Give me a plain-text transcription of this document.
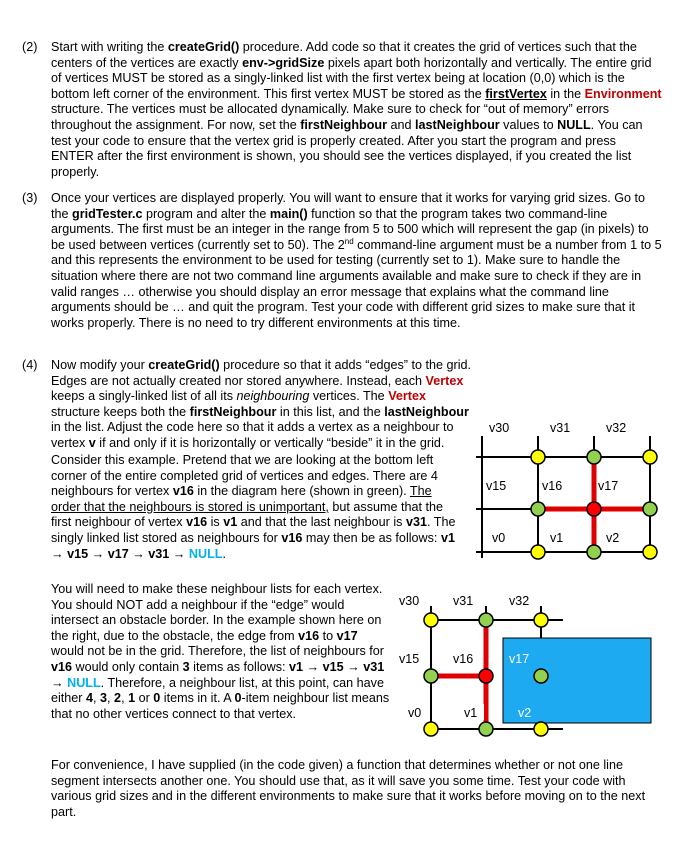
(2) Start with writing the createGrid() procedure. Add code so that it creates the grid of vertices such that the centers of the vertices are exactly env->gridSize pixels apart both horizontally and vertically. The entire grid of vertices MUST be stored as a singly-linked list with the first vertex being at location (0,0) which is the bottom left corner of the environment. This first vertex MUST be stored as the firstVertex in the Environment structure. The vertices must be allocated dynamically. Make sure to check for “out of memory” errors throughout the assignment. For now, set the firstNeighbour and lastNeighbour values to NULL. You can test your code to ensure that the vertex grid is properly created. After you start the program and press ENTER after the first environment is shown, you should see the vertices displayed, if you created the list properly.
(3) Once your vertices are displayed properly. You will want to ensure that it works for varying grid sizes. Go to the gridTester.c program and alter the main() function so that the program takes two command-line arguments. The first must be an integer in the range from 5 to 500 which will represent the gap (in pixels) to be used between vertices (currently set to 50). The 2nd command-line argument must be a number from 1 to 5 and this represents the environment to be used for testing (currently set to 1). Make sure to handle the situation where there are not two command line arguments available and make sure to check if they are in valid ranges … otherwise you should display an error message that explains what the command line arguments should be … and quit the program. Test your code with different grid sizes to make sure that it works properly. There is no need to try different environments at this time.
(4) Now modify your createGrid() procedure so that it adds “edges” to the grid. Edges are not actually created nor stored anywhere. Instead, each Vertex keeps a singly-linked list of all its neighbouring vertices. The Vertex structure keeps both the firstNeighbour in this list, and the lastNeighbour in the list. Adjust the code here so that it adds a vertex as a neighbour to vertex v if and only if it is horizontally or vertically “beside” it in the grid.
Consider this example. Pretend that we are looking at the bottom left corner of the entire completed grid of vertices and edges. There are 4 neighbours for vertex v16 in the diagram here (shown in green). The order that the neighbours is stored is unimportant, but assume that the first neighbour of vertex v16 is v1 and that the last neighbour is v31. The singly linked list stored as neighbours for v16 may then be as follows: v1 → v15 → v17 → v31 → NULL.
You will need to make these neighbour lists for each vertex. You should NOT add a neighbour if the “edge” would intersect an obstacle border. In the example shown here on the right, due to the obstacle, the edge from v16 to v17 would not be in the grid. Therefore, the list of neighbours for v16 would only contain 3 items as follows: v1 → v15 → v31 → NULL. Therefore, a neighbour list, at this point, can have either 4, 3, 2, 1 or 0 items in it. A 0-item neighbour list means that no other vertices connect to that vertex.
For convenience, I have supplied (in the code given) a function that determines whether or not one line segment intersects another one. You should use that, as it will save you some time. Test your code with various grid sizes and in the different environments to make sure that it works before moving on to the next part.
v30	v31	v32
v15	v16	v17
v0	v1	v2
v30	v31	v32
v15	v16	v17
v0	v1	v2
